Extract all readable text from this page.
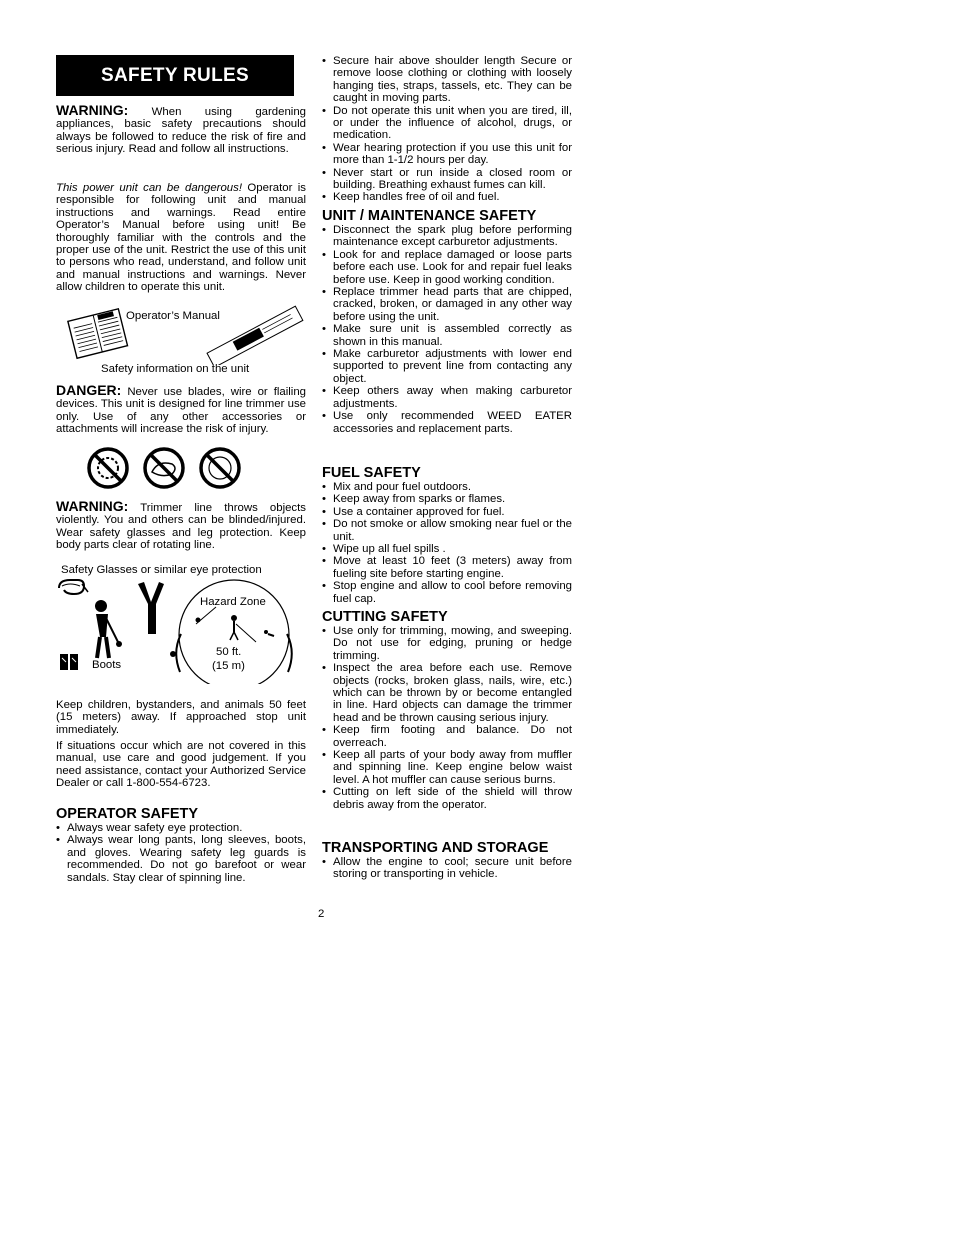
SAFETY RULES

WARNING: When using gardening appliances, basic safety precautions should always be followed to reduce the risk of fire and serious injury. Read and follow all instructions.

This power unit can be dangerous! Operator is responsible for following unit and manual instructions and warnings. Read entire Operator’s Manual before using unit! Be thoroughly familiar with the controls and the proper use of the unit. Restrict the use of this unit to persons who read, understand, and follow unit and manual instructions and warnings. Never allow children to operate this unit.

Operator’s Manual
Safety information on the unit

DANGER: Never use blades, wire or flailing devices. This unit is designed for line trimmer use only. Use of any other accessories or attachments will increase the risk of injury.

WARNING: Trimmer line throws objects violently. You and others can be blinded/injured. Wear safety glasses and leg protection. Keep body parts clear of rotating line.

Safety Glasses or similar eye protection
Hazard Zone
Boots
50 ft.
(15 m)

Keep children, bystanders, and animals 50 feet (15 meters) away. If approached stop unit immediately.

If situations occur which are not covered in this manual, use care and good judgement. If you need assistance, contact your Authorized Service Dealer or call 1-800-554-6723.

OPERATOR SAFETY
• Always wear safety eye protection.
• Always wear long pants, long sleeves, boots, and gloves. Wearing safety leg guards is recommended. Do not go barefoot or wear sandals. Stay clear of spinning line.
• Secure hair above shoulder length Secure or remove loose clothing or clothing with loosely hanging ties, straps, tassels, etc. They can be caught in moving parts.
• Do not operate this unit when you are tired, ill, or under the influence of alcohol, drugs, or medication.
• Wear hearing protection if you use this unit for more than 1-1/2 hours per day.
• Never start or run inside a closed room or building. Breathing exhaust fumes can kill.
• Keep handles free of oil and fuel.
UNIT / MAINTENANCE SAFETY
• Disconnect the spark plug before performing maintenance except carburetor adjustments.
• Look for and replace damaged or loose parts before each use. Look for and repair fuel leaks before use. Keep in good working condition.
• Replace trimmer head parts that are chipped, cracked, broken, or damaged in any other way before using the unit.
• Make sure unit is assembled correctly as shown in this manual.
• Make carburetor adjustments with lower end supported to prevent line from contacting any object.
• Keep others away when making carburetor adjustments.
• Use only recommended WEED EATER accessories and replacement parts.
FUEL SAFETY
• Mix and pour fuel outdoors.
• Keep away from sparks or flames.
• Use a container approved for fuel.
• Do not smoke or allow smoking near fuel or the unit.
• Wipe up all fuel spills .
• Move at least 10 feet (3 meters) away from fueling site before starting engine.
• Stop engine and allow to cool before removing fuel cap.
CUTTING SAFETY
• Use only for trimming, mowing, and sweeping. Do not use for edging, pruning or hedge trimming.
• Inspect the area before each use. Remove objects (rocks, broken glass, nails, wire, etc.) which can be thrown by or become entangled in line. Hard objects can damage the trimmer head and be thrown causing serious injury.
• Keep firm footing and balance. Do not overreach.
• Keep all parts of your body away from muffler and spinning line. Keep engine below waist level. A hot muffler can cause serious burns.
• Cutting on left side of the shield will throw debris away from the operator.
TRANSPORTING AND STORAGE
• Allow the engine to cool; secure unit before storing or transporting in vehicle.
2
